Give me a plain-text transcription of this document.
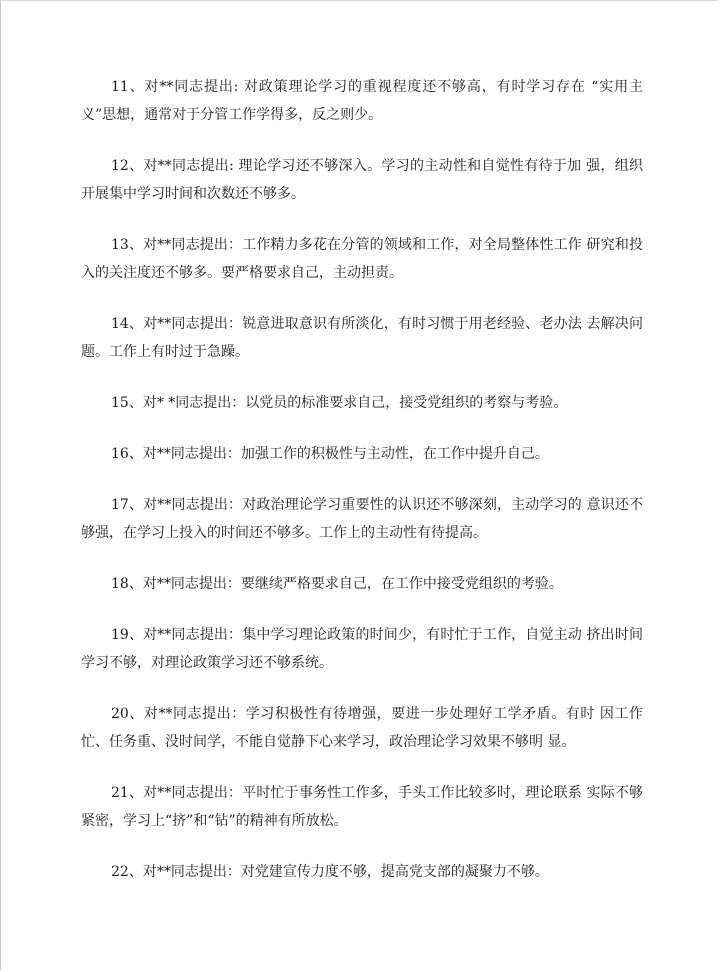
11、对**同志提出: 对政策理论学习的重视程度还不够高，有时学习存在 “实用主义”思想，通常对于分管工作学得多，反之则少。

12、对**同志提出: 理论学习还不够深入。学习的主动性和自觉性有待于加 强，组织开展集中学习时间和次数还不够多。

13、对**同志提出：工作精力多花在分管的领域和工作，对全局整体性工作 研究和投入的关注度还不够多。要严格要求自己，主动担责。

14、对**同志提出：锐意进取意识有所淡化，有时习惯于用老经验、老办法 去解决问题。工作上有时过于急躁。

15、对* *同志提出：以党员的标准要求自己，接受党组织的考察与考验。

16、对**同志提出：加强工作的积极性与主动性，在工作中提升自己。

17、对**同志提出：对政治理论学习重要性的认识还不够深刻，主动学习的 意识还不够强，在学习上投入的时间还不够多。工作上的主动性有待提高。

18、对**同志提出：要继续严格要求自己，在工作中接受党组织的考验。

19、对**同志提出：集中学习理论政策的时间少，有时忙于工作，自觉主动 挤出时间学习不够，对理论政策学习还不够系统。

20、对**同志提出：学习积极性有待增强，要进一步处理好工学矛盾。有时 因工作忙、任务重、没时间学，不能自觉静下心来学习，政治理论学习效果不够明 显。

21、对**同志提出：平时忙于事务性工作多，手头工作比较多时，理论联系 实际不够紧密，学习上“挤”和“钻”的精神有所放松。

22、对**同志提出：对党建宣传力度不够，提高党支部的凝聚力不够。
